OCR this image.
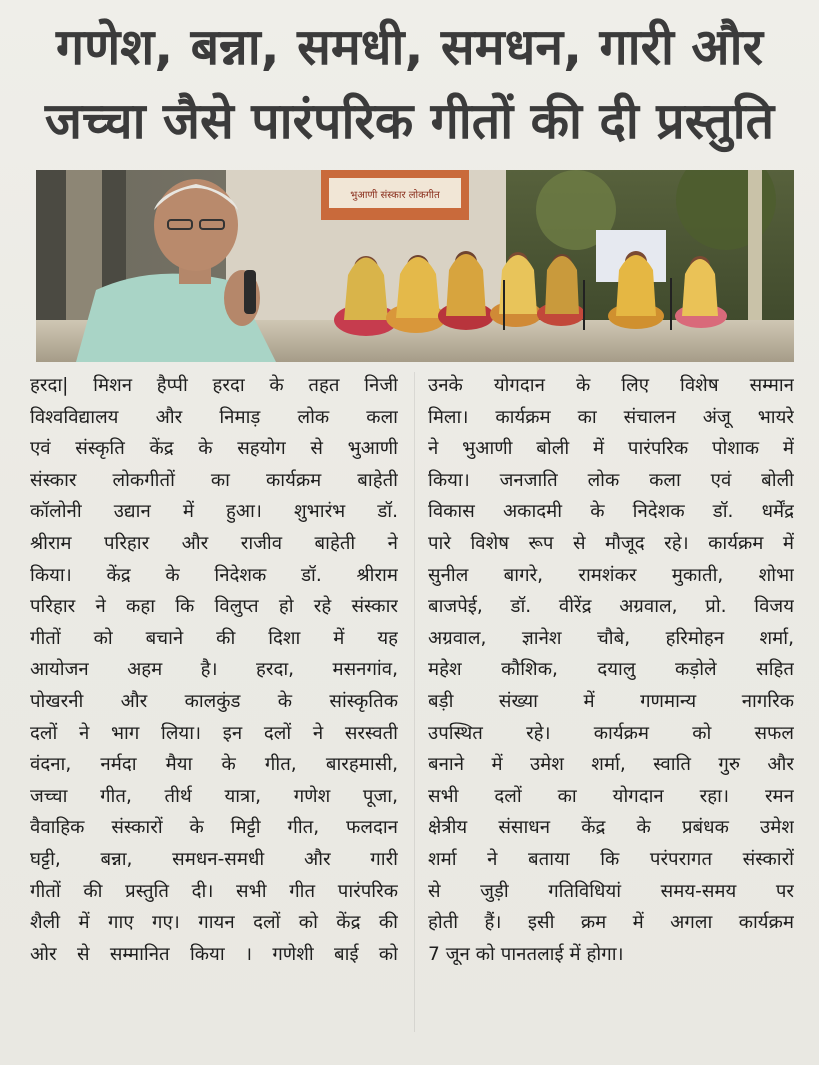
गणेश, बन्ना, समधी, समधन, गारी और
जच्चा जैसे पारंपरिक गीतों की दी प्रस्तुति
भुआणी संस्कार लोकगीत
हरदा| मिशन हैप्पी हरदा के तहत निजी
विश्वविद्यालय और निमाड़ लोक कला
एवं संस्कृति केंद्र के सहयोग से भुआणी
संस्कार लोकगीतों का कार्यक्रम बाहेती
कॉलोनी उद्यान में हुआ। शुभारंभ डॉ.
श्रीराम परिहार और राजीव बाहेती ने
किया। केंद्र के निदेशक डॉ. श्रीराम
परिहार ने कहा कि विलुप्त हो रहे संस्कार
गीतों को बचाने की दिशा में यह
आयोजन अहम है। हरदा, मसनगांव,
पोखरनी और कालकुंड के सांस्कृतिक
दलों ने भाग लिया। इन दलों ने सरस्वती
वंदना, नर्मदा मैया के गीत, बारहमासी,
जच्चा गीत, तीर्थ यात्रा, गणेश पूजा,
वैवाहिक संस्कारों के मिट्टी गीत, फलदान
घट्टी, बन्ना, समधन-समधी और गारी
गीतों की प्रस्तुति दी। सभी गीत पारंपरिक
शैली में गाए गए। गायन दलों को केंद्र की
ओर से सम्मानित किया । गणेशी बाई को
उनके योगदान के लिए विशेष सम्मान
मिला। कार्यक्रम का संचालन अंजू भायरे
ने भुआणी बोली में पारंपरिक पोशाक में
किया। जनजाति लोक कला एवं बोली
विकास अकादमी के निदेशक डॉ. धर्मेंद्र
पारे विशेष रूप से मौजूद रहे। कार्यक्रम में
सुनील बागरे, रामशंकर मुकाती, शोभा
बाजपेई, डॉ. वीरेंद्र अग्रवाल, प्रो. विजय
अग्रवाल, ज्ञानेश चौबे, हरिमोहन शर्मा,
महेश कौशिक, दयालु कड़ोले सहित
बड़ी संख्या में गणमान्य नागरिक
उपस्थित रहे। कार्यक्रम को सफल
बनाने में उमेश शर्मा, स्वाति गुरु और
सभी दलों का योगदान रहा। रमन
क्षेत्रीय संसाधन केंद्र के प्रबंधक उमेश
शर्मा ने बताया कि परंपरागत संस्कारों
से जुड़ी गतिविधियां समय-समय पर
होती हैं। इसी क्रम में अगला कार्यक्रम
7 जून को पानतलाई में होगा।
